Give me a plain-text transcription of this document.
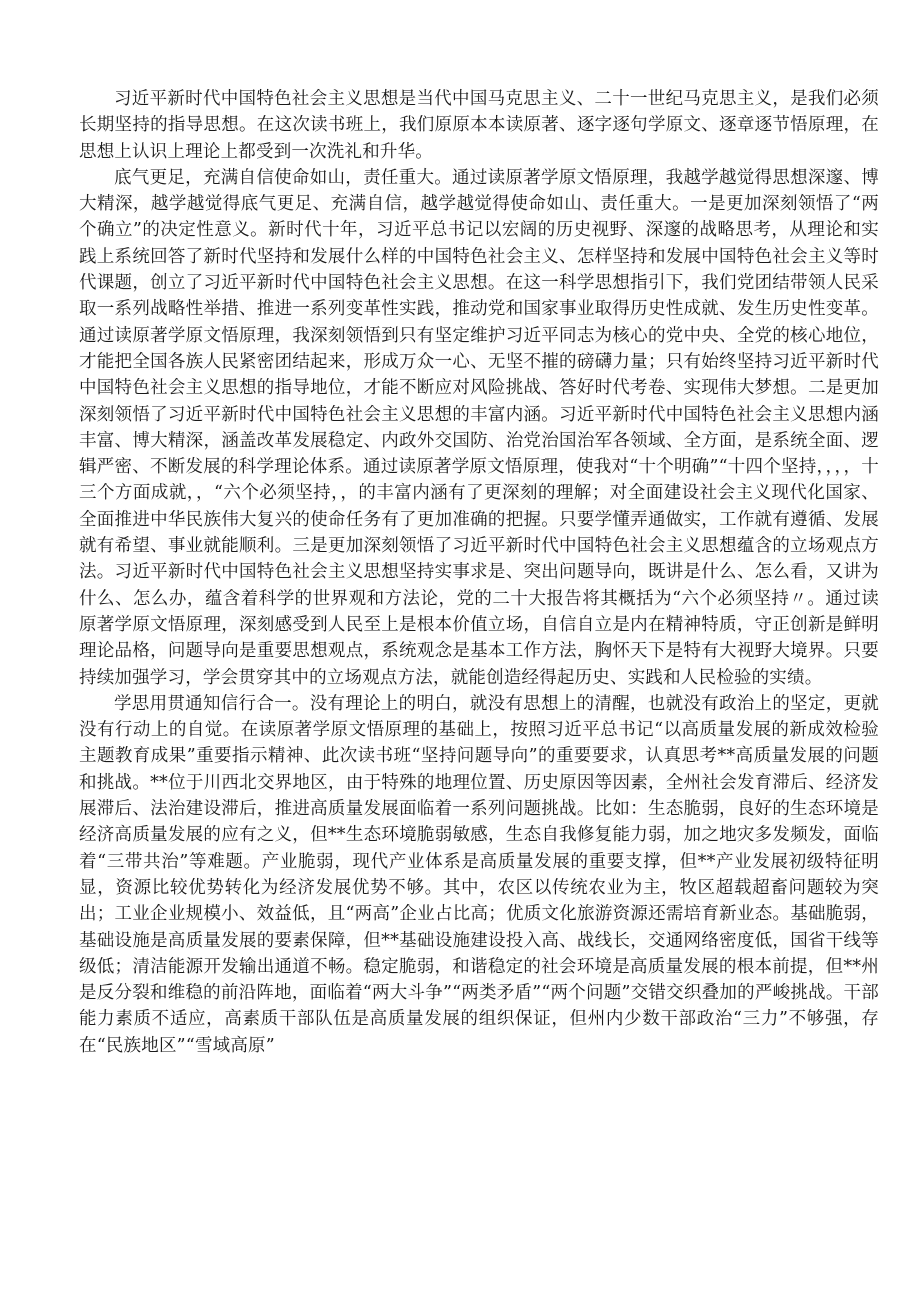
习近平新时代中国特色社会主义思想是当代中国马克思主义、二十一世纪马克思主义，是我们必须长期坚持的指导思想。在这次读书班上，我们原原本本读原著、逐字逐句学原文、逐章逐节悟原理，在思想上认识上理论上都受到一次洗礼和升华。

底气更足，充满自信使命如山，责任重大。通过读原著学原文悟原理，我越学越觉得思想深邃、博大精深，越学越觉得底气更足、充满自信，越学越觉得使命如山、责任重大。一是更加深刻领悟了“两个确立”的决定性意义。新时代十年，习近平总书记以宏阔的历史视野、深邃的战略思考，从理论和实践上系统回答了新时代坚持和发展什么样的中国特色社会主义、怎样坚持和发展中国特色社会主义等时代课题，创立了习近平新时代中国特色社会主义思想。在这一科学思想指引下，我们党团结带领人民采取一系列战略性举措、推进一系列变革性实践，推动党和国家事业取得历史性成就、发生历史性变革。通过读原著学原文悟原理，我深刻领悟到只有坚定维护习近平同志为核心的党中央、全党的核心地位，才能把全国各族人民紧密团结起来，形成万众一心、无坚不摧的磅礴力量；只有始终坚持习近平新时代中国特色社会主义思想的指导地位，才能不断应对风险挑战、答好时代考卷、实现伟大梦想。二是更加深刻领悟了习近平新时代中国特色社会主义思想的丰富内涵。习近平新时代中国特色社会主义思想内涵丰富、博大精深，涵盖改革发展稳定、内政外交国防、治党治国治军各领域、全方面，是系统全面、逻辑严密、不断发展的科学理论体系。通过读原著学原文悟原理，使我对“十个明确”“十四个坚持，，，，十三个方面成就，，“六个必须坚持，，的丰富内涵有了更深刻的理解；对全面建设社会主义现代化国家、全面推进中华民族伟大复兴的使命任务有了更加准确的把握。只要学懂弄通做实，工作就有遵循、发展就有希望、事业就能顺利。三是更加深刻领悟了习近平新时代中国特色社会主义思想蕴含的立场观点方法。习近平新时代中国特色社会主义思想坚持实事求是、突出问题导向，既讲是什么、怎么看，又讲为什么、怎么办，蕴含着科学的世界观和方法论，党的二十大报告将其概括为“六个必须坚持〃。通过读原著学原文悟原理，深刻感受到人民至上是根本价值立场，自信自立是内在精神特质，守正创新是鲜明理论品格，问题导向是重要思想观点，系统观念是基本工作方法，胸怀天下是特有大视野大境界。只要持续加强学习，学会贯穿其中的立场观点方法，就能创造经得起历史、实践和人民检验的实绩。

学思用贯通知信行合一。没有理论上的明白，就没有思想上的清醒，也就没有政治上的坚定，更就没有行动上的自觉。在读原著学原文悟原理的基础上，按照习近平总书记“以高质量发展的新成效检验主题教育成果”重要指示精神、此次读书班“坚持问题导向”的重要要求，认真思考**高质量发展的问题和挑战。**位于川西北交界地区，由于特殊的地理位置、历史原因等因素，全州社会发育滞后、经济发展滞后、法治建设滞后，推进高质量发展面临着一系列问题挑战。比如：生态脆弱，良好的生态环境是经济高质量发展的应有之义，但**生态环境脆弱敏感，生态自我修复能力弱，加之地灾多发频发，面临着“三带共治”等难题。产业脆弱，现代产业体系是高质量发展的重要支撑，但**产业发展初级特征明显，资源比较优势转化为经济发展优势不够。其中，农区以传统农业为主，牧区超载超畜问题较为突出；工业企业规模小、效益低，且“两高”企业占比高；优质文化旅游资源还需培育新业态。基础脆弱，基础设施是高质量发展的要素保障，但**基础设施建设投入高、战线长，交通网络密度低，国省干线等级低；清洁能源开发输出通道不畅。稳定脆弱，和谐稳定的社会环境是高质量发展的根本前提，但**州是反分裂和维稳的前沿阵地，面临着“两大斗争”“两类矛盾”“两个问题”交错交织叠加的严峻挑战。干部能力素质不适应，高素质干部队伍是高质量发展的组织保证，但州内少数干部政治“三力”不够强，存在“民族地区”“雪域高原”
